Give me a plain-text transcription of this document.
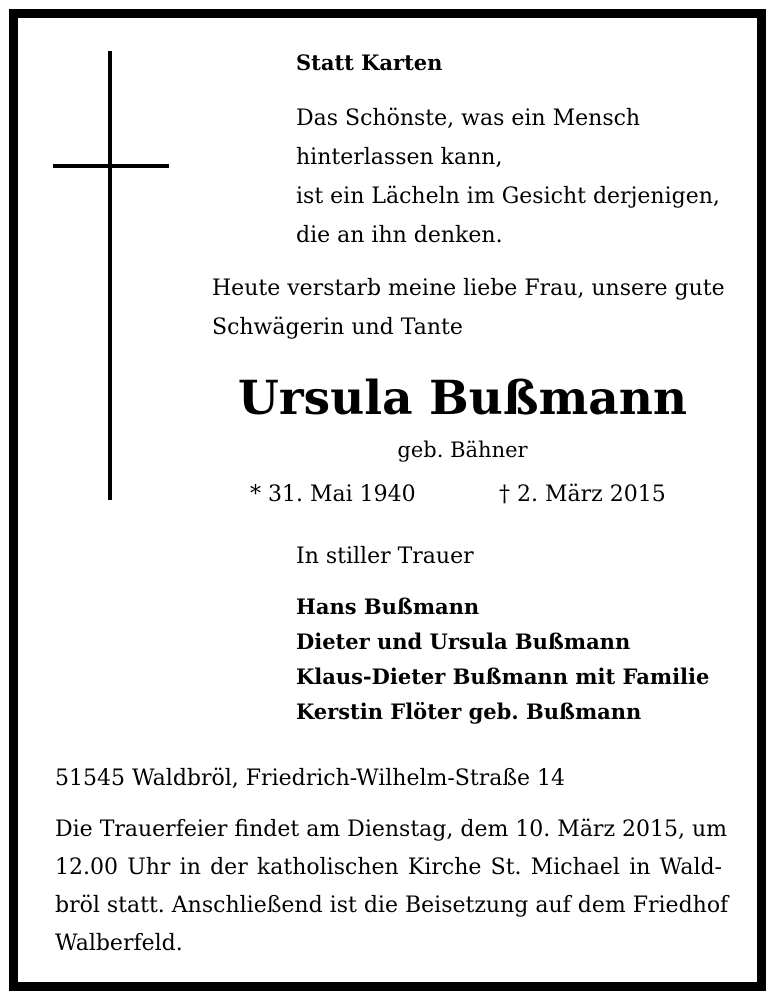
Statt Karten

Das Schönste, was ein Mensch
hinterlassen kann,
ist ein Lächeln im Gesicht derjenigen,
die an ihn denken.

Heute verstarb meine liebe Frau, unsere gute
Schwägerin und Tante

Ursula Bußmann
geb. Bähner

* 31. Mai 1940	† 2. März 2015

In stiller Trauer

Hans Bußmann
Dieter und Ursula Bußmann
Klaus-Dieter Bußmann mit Familie
Kerstin Flöter geb. Bußmann

51545 Waldbröl, Friedrich-Wilhelm-Straße 14

Die Trauerfeier findet am Dienstag, dem 10. März 2015, um
12.00 Uhr in der katholischen Kirche St. Michael in Wald-
bröl statt. Anschließend ist die Beisetzung auf dem Friedhof
Walberfeld.
